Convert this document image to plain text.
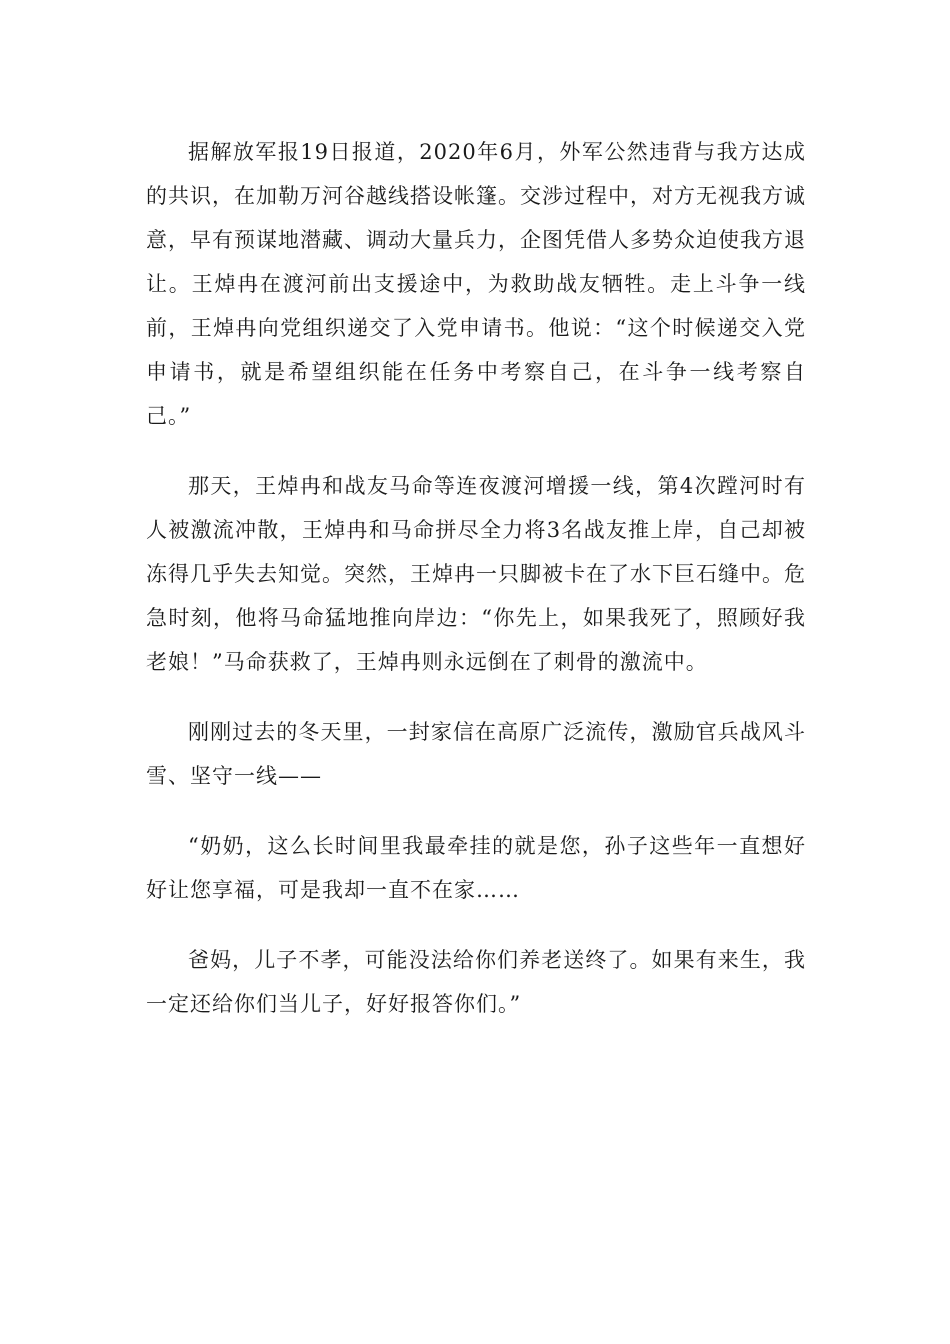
据解放军报19日报道，2020年6月，外军公然违背与我方达成的共识，在加勒万河谷越线搭设帐篷。交涉过程中，对方无视我方诚意，早有预谋地潜藏、调动大量兵力，企图凭借人多势众迫使我方退让。王焯冉在渡河前出支援途中，为救助战友牺牲。走上斗争一线前，王焯冉向党组织递交了入党申请书。他说：“这个时候递交入党申请书，就是希望组织能在任务中考察自己，在斗争一线考察自己。”

那天，王焯冉和战友马命等连夜渡河增援一线，第4次蹚河时有人被激流冲散，王焯冉和马命拼尽全力将3名战友推上岸，自己却被冻得几乎失去知觉。突然，王焯冉一只脚被卡在了水下巨石缝中。危急时刻，他将马命猛地推向岸边：“你先上，如果我死了，照顾好我老娘！”马命获救了，王焯冉则永远倒在了刺骨的激流中。

刚刚过去的冬天里，一封家信在高原广泛流传，激励官兵战风斗雪、坚守一线——

“奶奶，这么长时间里我最牵挂的就是您，孙子这些年一直想好好让您享福，可是我却一直不在家……

爸妈，儿子不孝，可能没法给你们养老送终了。如果有来生，我一定还给你们当儿子，好好报答你们。”
